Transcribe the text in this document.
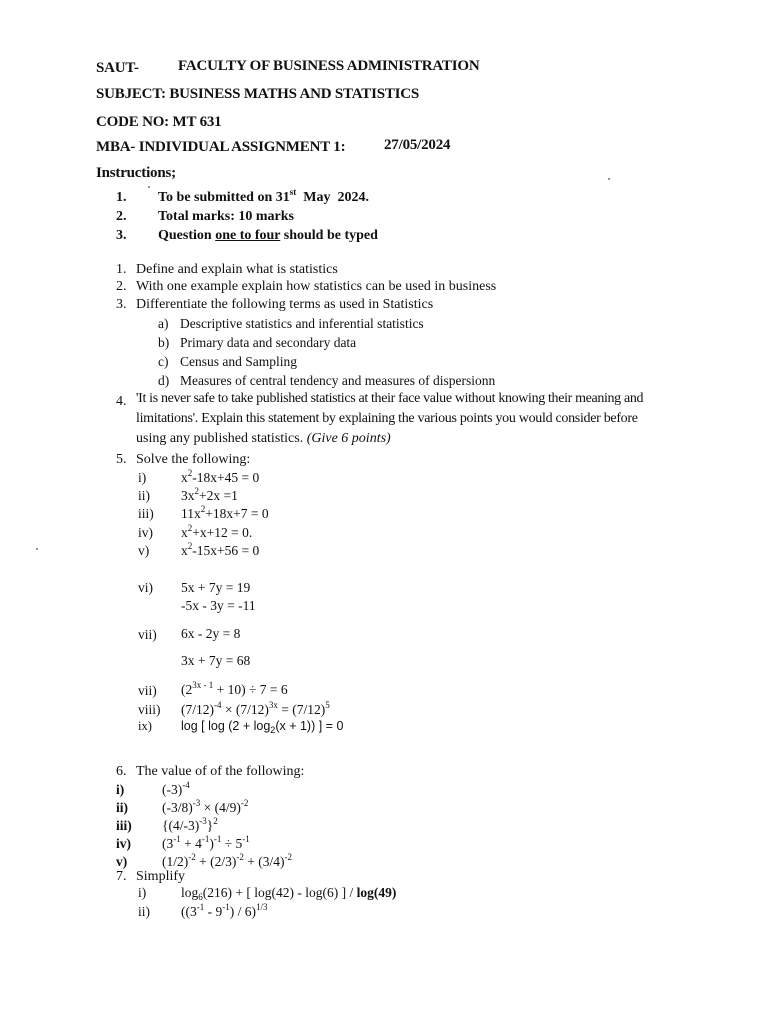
SAUT-	FACULTY OF BUSINESS ADMINISTRATION
SUBJECT: BUSINESS MATHS AND STATISTICS
CODE NO: MT 631
MBA- INDIVIDUAL ASSIGNMENT 1:	27/05/2024
Instructions;
1. To be submitted on 31st  May  2024.
2. Total marks: 10 marks
3. Question one to four should be typed
1. Define and explain what is statistics
2. With one example explain how statistics can be used in business
3. Differentiate the following terms as used in Statistics
a) Descriptive statistics and inferential statistics
b) Primary data and secondary data
c) Census and Sampling
d) Measures of central tendency and measures of dispersionn
4. 'It is never safe to take published statistics at their face value without knowing their meaning and
limitations'. Explain this statement by explaining the various points you would consider before
using any published statistics. (Give 6 points)
5. Solve the following:
i)	$x^2-18x+45 = 0$
ii) $3x^2+2x =1$
iii) $11x^2+18x+7 = 0$
iv) $x^2+x+12 = 0$.
v) $x^2-15x+56 = 0$
vi) 5x + 7y = 19
-5x - 3y = -11
vii) 6x - 2y = 8
3x + 7y = 68
vii) $(2^{3x - 1} + 10) \div 7 = 6$
viii) $(7/12)^{-4} \times (7/12)^{3x} = (7/12)^5$
ix) log [ $\log (2 + \log_2(x + 1))$ ] = 0
6. The value of of the following:
i)	$(-3)^{-4}$
ii)	$(-3/8)^{-3} \times (4/9)^{-2}$
iii) $\{(4/-3)^{-3}\}^2$
iv) $(3^{-1} + 4^{-1})^{-1} \div 5^{-1}$
v)	$(1/2)^{-2} + (2/3)^{-2} + (3/4)^{-2}$
7. Simplify
i)	$\log_6(216)$ + [ log(42) - log(6) ] / log(49)
ii) $((3^{-1} - 9^{-1}) / 6)^{1/3}$
